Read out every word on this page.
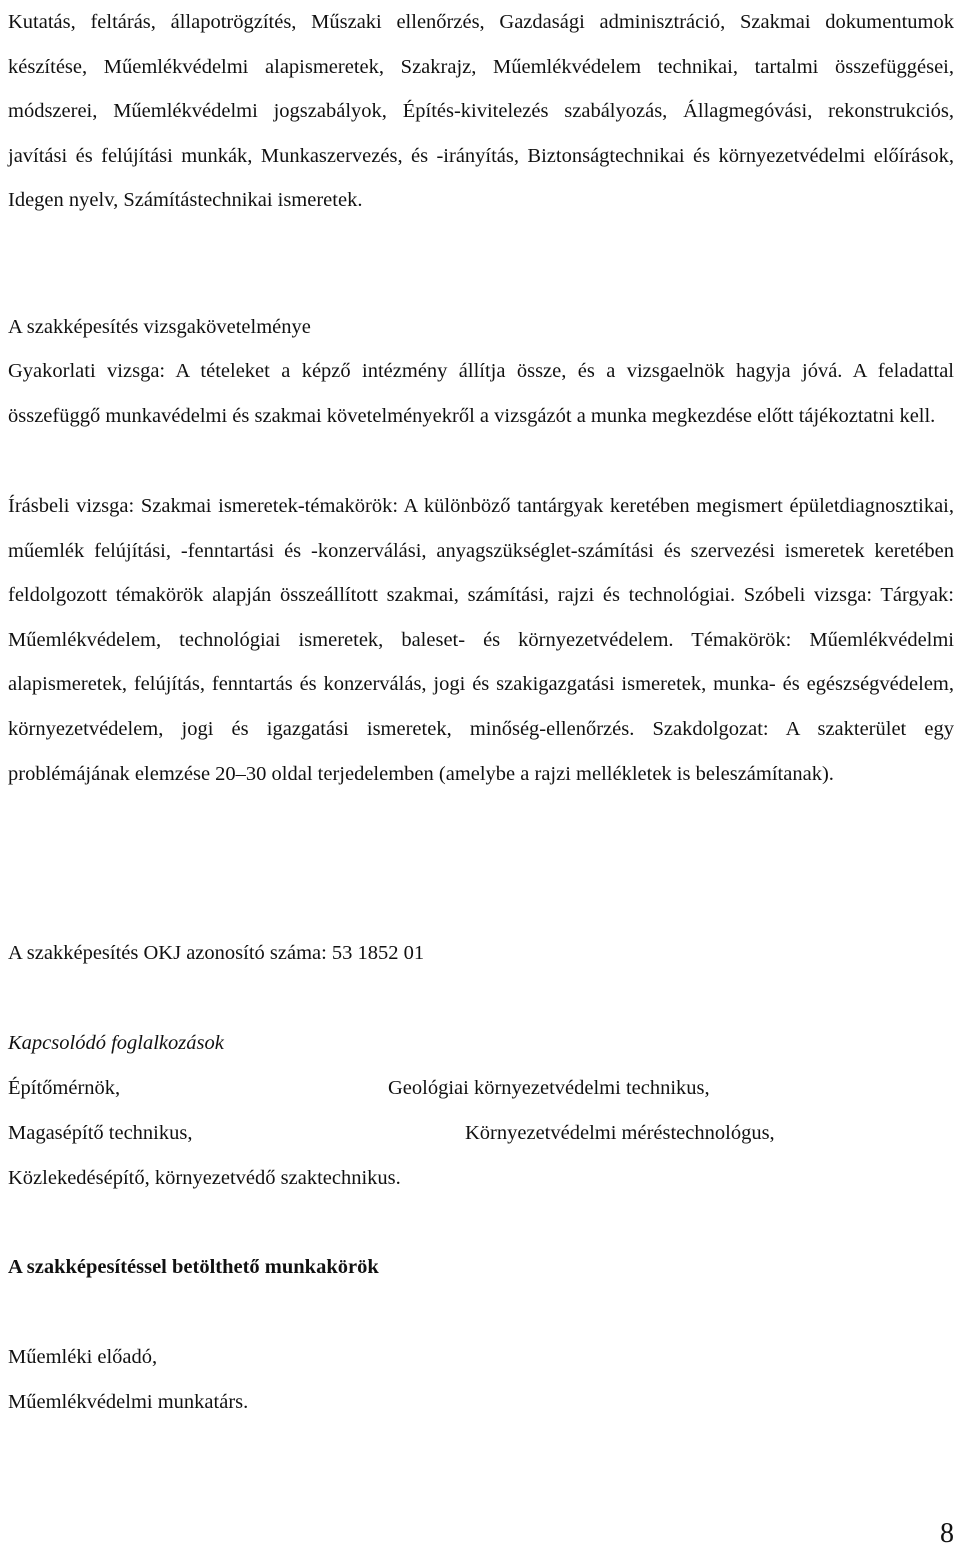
Kutatás, feltárás, állapotrögzítés, Műszaki ellenőrzés, Gazdasági adminisztráció, Szakmai dokumentumok készítése, Műemlékvédelmi alapismeretek, Szakrajz, Műemlékvédelem technikai, tartalmi összefüggései, módszerei, Műemlékvédelmi jogszabályok, Építés-kivitelezés szabályozás, Állagmegóvási, rekonstrukciós, javítási és felújítási munkák, Munkaszervezés, és -irányítás, Biztonságtechnikai és környezetvédelmi előírások, Idegen nyelv, Számítástechnikai ismeretek.

A szakképesítés vizsgakövetelménye

Gyakorlati vizsga: A tételeket a képző intézmény állítja össze, és a vizsgaelnök hagyja jóvá. A feladattal összefüggő munkavédelmi és szakmai követelményekről a vizsgázót a munka megkezdése előtt tájékoztatni kell.

Írásbeli vizsga: Szakmai ismeretek-témakörök: A különböző tantárgyak keretében megismert épületdiagnosztikai, műemlék felújítási, -fenntartási és -konzerválási, anyagszükséglet-számítási és szervezési ismeretek keretében feldolgozott témakörök alapján összeállított szakmai, számítási, rajzi és technológiai. Szóbeli vizsga: Tárgyak: Műemlékvédelem, technológiai ismeretek, baleset- és környezetvédelem. Témakörök: Műemlékvédelmi alapismeretek, felújítás, fenntartás és konzerválás, jogi és szakigazgatási ismeretek, munka- és egészségvédelem, környezetvédelem, jogi és igazgatási ismeretek, minőség-ellenőrzés. Szakdolgozat: A szakterület egy problémájának elemzése 20–30 oldal terjedelemben (amelybe a rajzi mellékletek is beleszámítanak).

A szakképesítés OKJ azonosító száma: 53 1852 01

Kapcsolódó foglalkozások

Építőmérnök,	Geológiai környezetvédelmi technikus,

Magasépítő technikus,	Környezetvédelmi méréstechnológus,

Közlekedésépítő, környezetvédő szaktechnikus.

A szakképesítéssel betölthető munkakörök

Műemléki előadó,

Műemlékvédelmi munkatárs.

8
